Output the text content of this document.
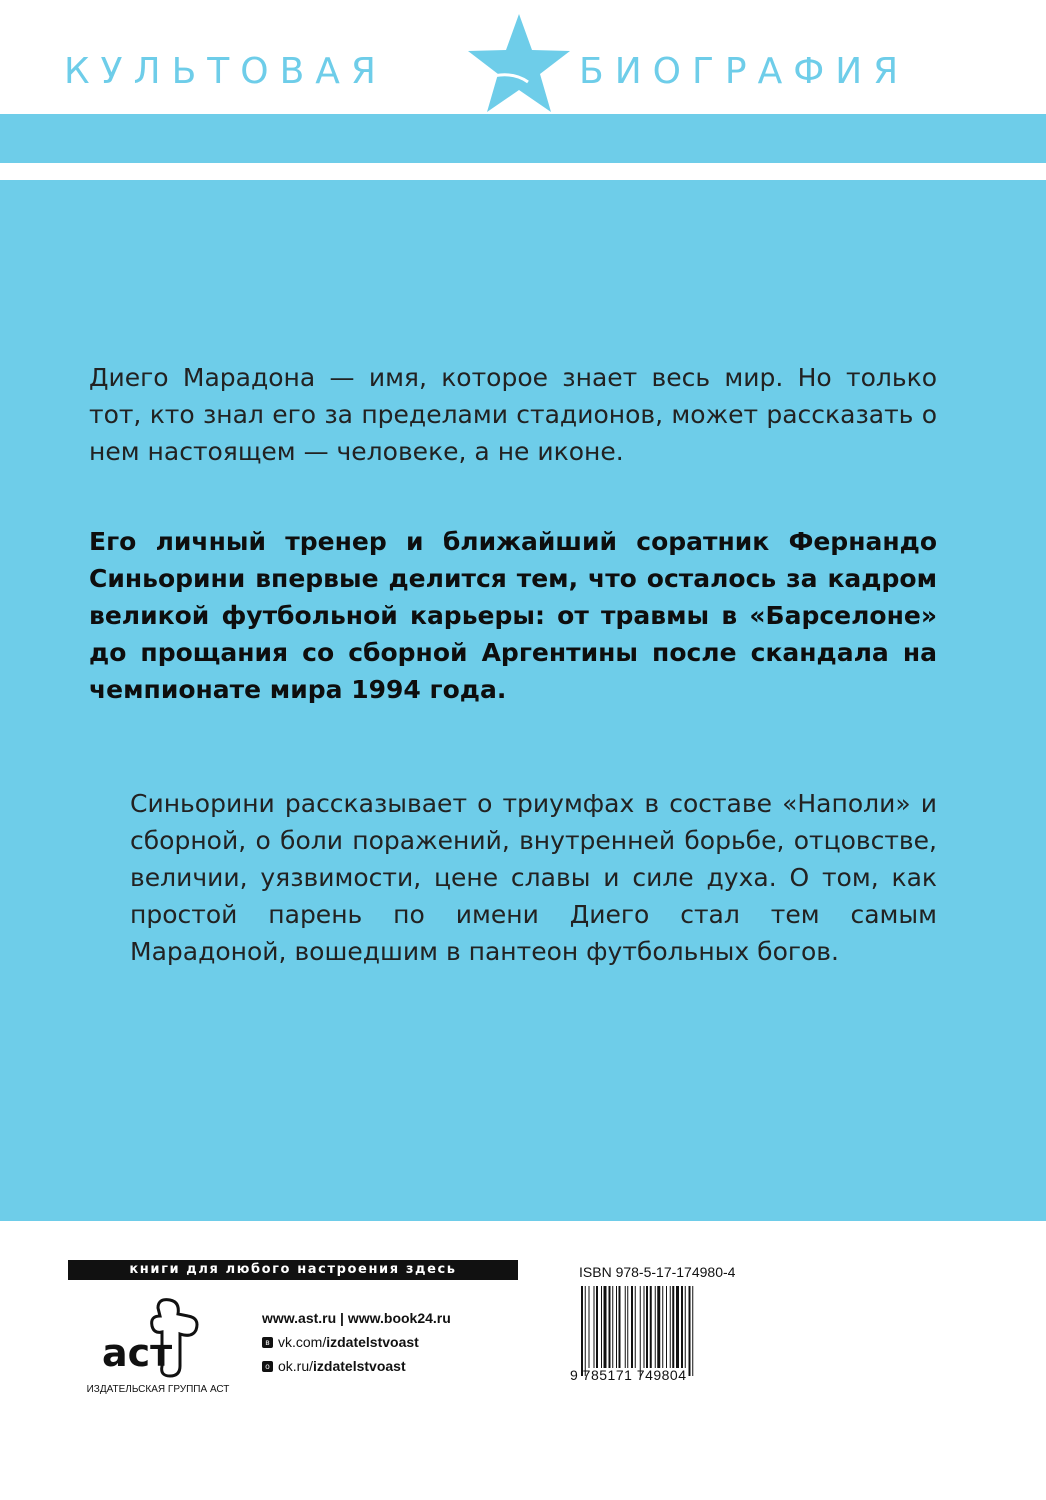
КУЛЬТОВАЯ	БИОГРАФИЯ

Диего Марадона — имя, которое знает весь мир. Но только тот, кто знал его за пределами стадионов, может рассказать о нем настоящем — человеке, а не иконе.

Его личный тренер и ближайший соратник Фернандо Синьорини впервые делится тем, что осталось за кадром великой футбольной карьеры: от травмы в «Барселоне» до прощания со сборной Аргентины после скандала на чемпионате мира 1994 года.

Синьорини рассказывает о триумфах в составе «Наполи» и сборной, о боли поражений, внутренней борьбе, отцовстве, величии, уязвимости, цене славы и силе духа. О том, как простой парень по имени Диего стал тем самым Марадоной, вошедшим в пантеон футбольных богов.

книги для любого настроения здесь
аст
ИЗДАТЕЛЬСКАЯ ГРУППА АСТ
www.ast.ru | www.book24.ru
в vk.com/ izdatelstvoast
о ok.ru/ izdatelstvoast
ISBN 978-5-17-174980-4
9 785171 749804
